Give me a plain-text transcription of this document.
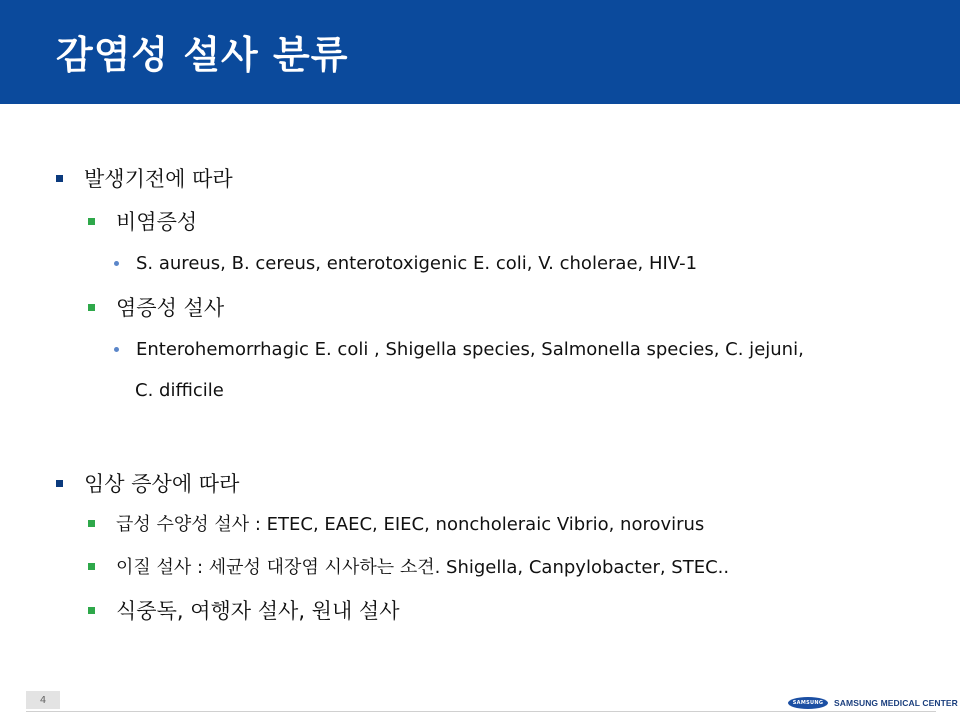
감염성 설사 분류
발생기전에 따라
비염증성
S. aureus, B. cereus, enterotoxigenic E. coli, V. cholerae, HIV-1
염증성 설사
Enterohemorrhagic E. coli , Shigella species, Salmonella species, C. jejuni,
C. difficile
임상 증상에 따라
급성 수양성 설사 : ETEC, EAEC, EIEC, noncholeraic Vibrio, norovirus
이질 설사 : 세균성 대장염 시사하는 소견. Shigella, Canpylobacter, STEC..
식중독, 여행자 설사, 원내 설사
4	SAMSUNG	SAMSUNG MEDICAL CENTER
